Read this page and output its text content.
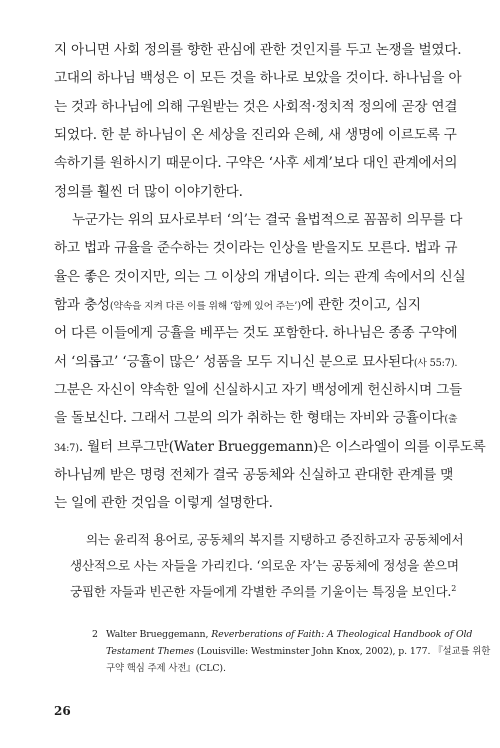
지 아니면 사회 정의를 향한 관심에 관한 것인지를 두고 논쟁을 벌였다.
고대의 하나님 백성은 이 모든 것을 하나로 보았을 것이다. 하나님을 아
는 것과 하나님에 의해 구원받는 것은 사회적·정치적 정의에 곧장 연결
되었다. 한 분 하나님이 온 세상을 진리와 은혜, 새 생명에 이르도록 구
속하기를 원하시기 때문이다. 구약은 ‘사후 세계’보다 대인 관계에서의
정의를 훨씬 더 많이 이야기한다.
누군가는 위의 묘사로부터 ‘의’는 결국 율법적으로 꼼꼼히 의무를 다
하고 법과 규율을 준수하는 것이라는 인상을 받을지도 모른다. 법과 규
율은 좋은 것이지만, 의는 그 이상의 개념이다. 의는 관계 속에서의 신실
함과 충성(약속을 지켜 다른 이를 위해 ‘함께 있어 주는’)에 관한 것이고, 심지
어 다른 이들에게 긍휼을 베푸는 것도 포함한다. 하나님은 종종 구약에
서 ‘의롭고’ ‘긍휼이 많은’ 성품을 모두 지니신 분으로 묘사된다(사 55:7).
그분은 자신이 약속한 일에 신실하시고 자기 백성에게 헌신하시며 그들
을 돌보신다. 그래서 그분의 의가 취하는 한 형태는 자비와 긍휼이다(출
34:7). 월터 브루그만(Water Brueggemann)은 이스라엘이 의를 이루도록
하나님께 받은 명령 전체가 결국 공동체와 신실하고 관대한 관계를 맺
는 일에 관한 것임을 이렇게 설명한다.
의는 윤리적 용어로, 공동체의 복지를 지탱하고 증진하고자 공동체에서
생산적으로 사는 자들을 가리킨다. ‘의로운 자’는 공동체에 정성을 쏟으며
궁핍한 자들과 빈곤한 자들에게 각별한 주의를 기울이는 특징을 보인다.$^2$
2 Walter Brueggemann, Reverberations of Faith: A Theological Handbook of Old
Testament Themes (Louisville: Westminster John Knox, 2002), p. 177. 『설교를 위한
구약 핵심 주제 사전』(CLC).
26
